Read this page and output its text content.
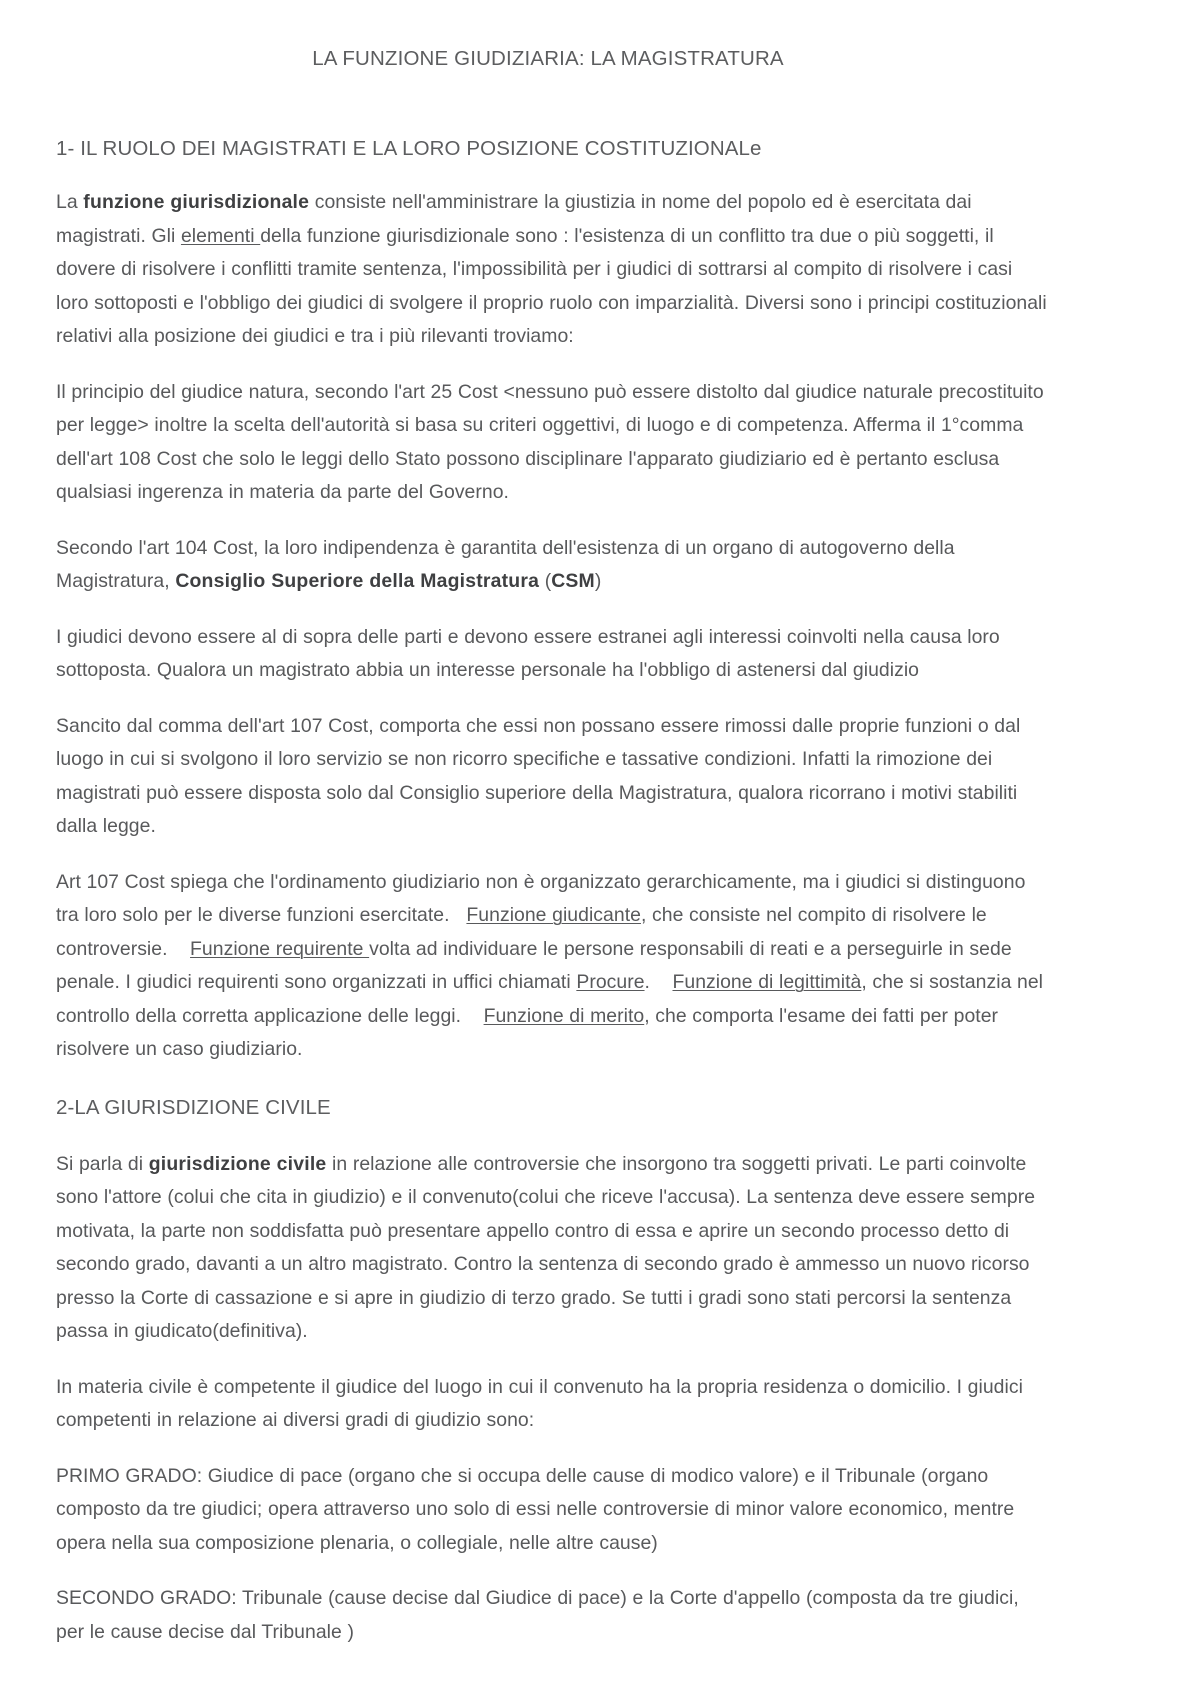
LA FUNZIONE GIUDIZIARIA: LA MAGISTRATURA
1- IL RUOLO DEI MAGISTRATI E LA LORO POSIZIONE COSTITUZIONALe

La funzione giurisdizionale consiste nell'amministrare la giustizia in nome del popolo ed è esercitata dai magistrati. Gli elementi della funzione giurisdizionale sono : l'esistenza di un conflitto tra due o più soggetti, il dovere di risolvere i conflitti tramite sentenza, l'impossibilità per i giudici di sottrarsi al compito di risolvere i casi loro sottoposti e l'obbligo dei giudici di svolgere il proprio ruolo con imparzialità. Diversi sono i principi costituzionali relativi alla posizione dei giudici e tra i più rilevanti troviamo:

Il principio del giudice natura, secondo l'art 25 Cost <nessuno può essere distolto dal giudice naturale precostituito per legge> inoltre la scelta dell'autorità si basa su criteri oggettivi, di luogo e di competenza. Afferma il 1°comma dell'art 108 Cost che solo le leggi dello Stato possono disciplinare l'apparato giudiziario ed è pertanto esclusa qualsiasi ingerenza in materia da parte del Governo.

Secondo l'art 104 Cost, la loro indipendenza è garantita dell'esistenza di un organo di autogoverno della Magistratura, Consiglio Superiore della Magistratura (CSM)

I giudici devono essere al di sopra delle parti e devono essere estranei agli interessi coinvolti nella causa loro sottoposta. Qualora un magistrato abbia un interesse personale ha l'obbligo di astenersi dal giudizio

Sancito dal comma dell'art 107 Cost, comporta che essi non possano essere rimossi dalle proprie funzioni o dal luogo in cui si svolgono il loro servizio se non ricorro specifiche e tassative condizioni. Infatti la rimozione dei magistrati può essere disposta solo dal Consiglio superiore della Magistratura, qualora ricorrano i motivi stabiliti dalla legge.

Art 107 Cost spiega che l'ordinamento giudiziario non è organizzato gerarchicamente, ma i giudici si distinguono tra loro solo per le diverse funzioni esercitate. Funzione giudicante, che consiste nel compito di risolvere le controversie. Funzione requirente volta ad individuare le persone responsabili di reati e a perseguirle in sede penale. I giudici requirenti sono organizzati in uffici chiamati Procure. Funzione di legittimità, che si sostanzia nel controllo della corretta applicazione delle leggi. Funzione di merito, che comporta l'esame dei fatti per poter risolvere un caso giudiziario.

2-LA GIURISDIZIONE CIVILE

Si parla di giurisdizione civile in relazione alle controversie che insorgono tra soggetti privati. Le parti coinvolte sono l'attore (colui che cita in giudizio) e il convenuto(colui che riceve l'accusa). La sentenza deve essere sempre motivata, la parte non soddisfatta può presentare appello contro di essa e aprire un secondo processo detto di secondo grado, davanti a un altro magistrato. Contro la sentenza di secondo grado è ammesso un nuovo ricorso presso la Corte di cassazione e si apre in giudizio di terzo grado. Se tutti i gradi sono stati percorsi la sentenza passa in giudicato(definitiva).

In materia civile è competente il giudice del luogo in cui il convenuto ha la propria residenza o domicilio. I giudici competenti in relazione ai diversi gradi di giudizio sono:

PRIMO GRADO: Giudice di pace (organo che si occupa delle cause di modico valore) e il Tribunale (organo composto da tre giudici; opera attraverso uno solo di essi nelle controversie di minor valore economico, mentre opera nella sua composizione plenaria, o collegiale, nelle altre cause)

SECONDO GRADO: Tribunale (cause decise dal Giudice di pace) e la Corte d'appello (composta da tre giudici, per le cause decise dal Tribunale )
